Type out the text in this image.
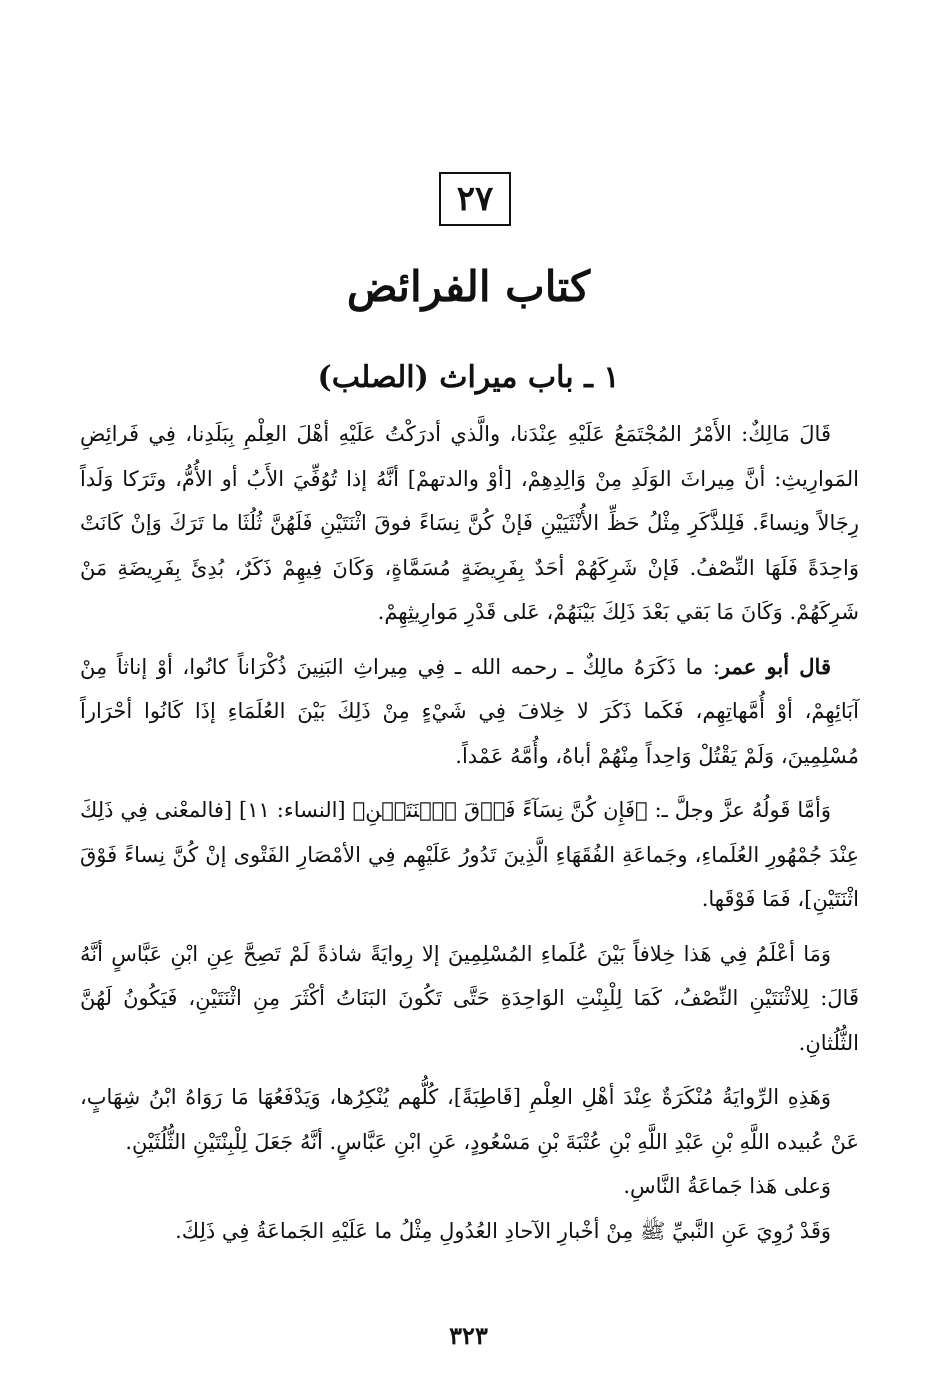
٢٧
كتاب الفرائض
١ ـ باب ميراث (الصلب)

قَالَ مَالِكٌ: الأَمْرُ المُجْتَمَعُ عَلَيْهِ عِنْدَنا، والَّذي أدرَكْتُ عَلَيْهِ أهْلَ العِلْمِ بِبَلَدِنا، فِي فَرائِضِ المَوارِيثِ: أنَّ مِيراثَ الوَلَدِ مِنْ وَالِدِهِمْ، [أوْ والدتهمْ] أنَّهُ إذا تُوُفِّيَ الأَبُ أو الأُمُّ، وتَرَكا وَلَداً رِجَالاً ونِساءً. فَلِلذَّكَرِ مِثْلُ حَظِّ الأُنْثَيَيْنِ فَإنْ كُنَّ نِسَاءً فوقَ اثْنَتَيْنِ فَلَهُنَّ ثُلُثَا ما تَرَكَ وَإنْ كَانَتْ وَاحِدَةً فَلَهَا النِّصْفُ. فَإنْ شَرِكَهُمْ أحَدٌ بِفَرِيضَةٍ مُسَمَّاةٍ، وَكَانَ فِيهِمْ ذَكَرٌ، بُدِئَ بِفَرِيضَةِ مَنْ شَرِكَهُمْ. وَكَانَ مَا بَقي بَعْدَ ذَلِكَ بَيْنَهُمْ، عَلى قَدْرِ مَوارِيثِهِمْ.

قال أبو عمر: ما ذَكَرَهُ مالِكٌ ـ رحمه الله ـ فِي مِيراثِ البَنِينَ ذُكْرَاناً كانُوا، أوْ إناثاً مِنْ آبَائِهِمْ، أوْ أُمَّهاتِهِم، فَكَما ذَكَرَ لا خِلافَ فِي شَيْءٍ مِنْ ذَلِكَ بَيْنَ العُلَمَاءِ إذَا كَانُوا أحْرَاراً مُسْلِمِينَ، وَلَمْ يَقْتُلْ وَاحِداً مِنْهُمْ أباهُ، وأُمَّهُ عَمْداً.

وَأمَّا قَولُهُ عزَّ وجلَّ ـ: ﴿فَإِن كُنَّ نِسَآءً فَوۡقَ ٱثۡنَتَيۡنِ﴾ [النساء: ١١] [فالمعْنى فِي ذَلِكَ عِنْدَ جُمْهُورِ العُلَماءِ، وجَماعَةِ الفُقَهَاءِ الَّذِينَ تَدُورُ عَلَيْهِم فِي الأمْصَارِ الفَتْوى إنْ كُنَّ نِساءً فَوْقَ اثْنَتَيْنِ]، فَمَا فَوْقَها.

وَمَا أعْلَمُ فِي هَذا خِلافاً بَيْنَ عُلَماءِ المُسْلِمِينَ إلا رِوايَةً شاذةً لَمْ تَصِحَّ عِنِ ابْنِ عَبَّاسٍ أنَّهُ قَالَ: لِلاثْنَتَيْنِ النِّصْفُ، كَمَا لِلْبِنْتِ الوَاحِدَةِ حَتَّى تَكُونَ البَنَاتُ أكْثَرَ مِنِ اثْنَتَيْنِ، فَيَكُونُ لَهُنَّ الثُّلُثانِ.

وَهَذِهِ الرِّوايَةُ مُنْكَرَةٌ عِنْدَ أهْلِ العِلْمِ [قَاطِبَةً]، كُلُّهم يُنْكِرُها، وَيَدْفَعُهَا مَا رَوَاهُ ابْنُ شِهَابٍ، عَنْ عُبيده اللَّهِ بْنِ عَبْدِ اللَّهِ بْنِ عُتْبَةَ بْنِ مَسْعُودٍ، عَنِ ابْنِ عَبَّاسٍ. أنَّهُ جَعَلَ لِلْبِنْتَيْنِ الثُّلُثَيْنِ.

وَعلى هَذا جَماعَةُ النَّاسِ.

وَقَدْ رُوِيَ عَنِ النَّبيِّ ﷺ مِنْ أخْبارِ الآحادِ العُدُولِ مِثْلُ ما عَلَيْهِ الجَماعَةُ فِي ذَلِكَ.

٣٢٣
